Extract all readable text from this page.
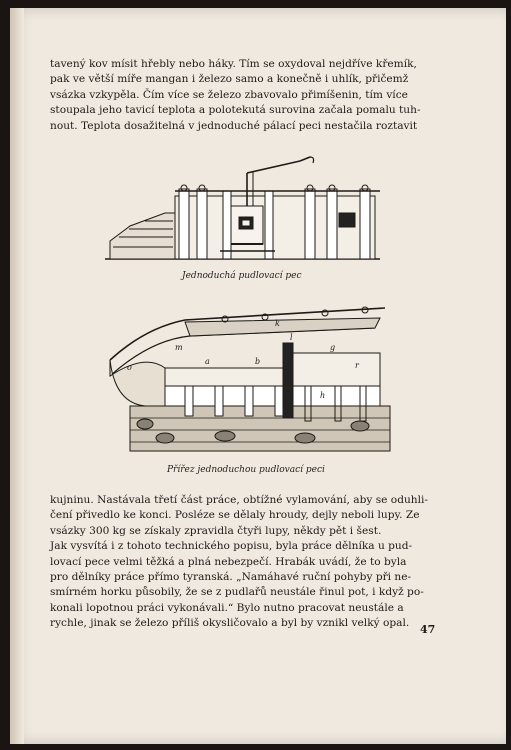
tavený kov mísit hřebly nebo háky. Tím se oxydoval nejdříve křemík,
pak ve větší míře mangan i železo samo a konečně i uhlík, přičemž
vsázka vzkypěla. Čím více se železo zbavovalo přimíšenin, tím více
stoupala jeho tavicí teplota a polotekutá surovina začala pomalu tuh-
nout. Teplota dosažitelná v jednoduché pálací peci nestačila roztavit
Jednoduchá pudlovací pec
k
l
g
m
a
o
b
h
r
Přířez jednoduchou pudlovací peci
kujninu. Nastávala třetí část práce, obtížné vylamování, aby se oduhli-
čení přivedlo ke konci. Posléze se dělaly hroudy, dejly neboli lupy. Ze
vsázky 300 kg se získaly zpravidla čtyři lupy, někdy pět i šest.
Jak vysvítá i z tohoto technického popisu, byla práce dělníka u pud-
lovací pece velmi těžká a plná nebezpečí. Hrabák uvádí, že to byla
pro dělníky práce přímo tyranská. „Namáhavé ruční pohyby při ne-
smírném horku působily, že se z pudlařů neustále řinul pot, i když po-
konali lopotnou práci vykonávali.“ Bylo nutno pracovat neustále a
rychle, jinak se železo příliš okysličovalo a byl by vznikl velký opal. 47
